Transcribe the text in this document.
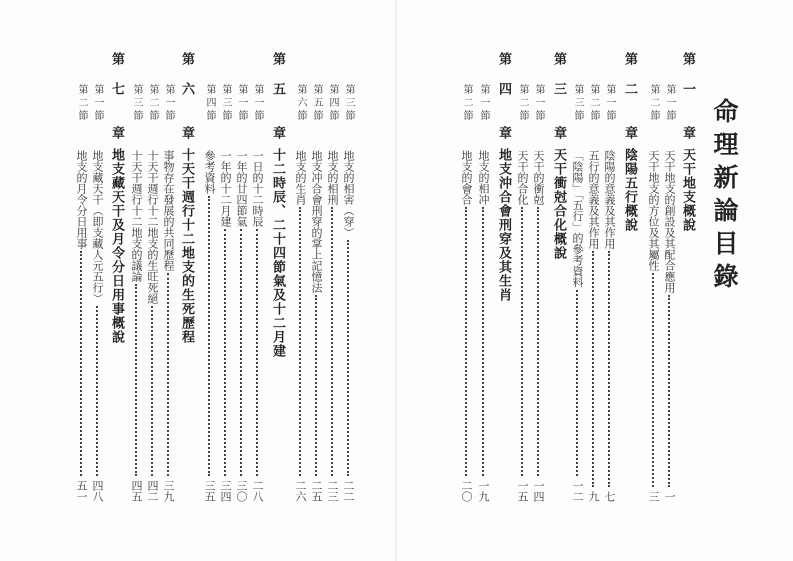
命理新論目錄
第
一 章
天干地支概說
第一節
天干地支的創設及其配合應用
一
第二節
天干地支的方位及其屬性
三
第
二 章
陰陽五行概說
第一節
陰陽的意義及其作用
七
第二節
五行的意義及其作用
九
第三節
「陰陽」「五行」的參考資料
一二
第
三 章
天干衝尅合化概說
第一節
天干的衝尅
一四
第二節
天干的合化
一五
第
四 章
地支沖合會刑穿及其生肖
第一節
地支的相冲
一九
第二節
地支的會合
二〇
第三節
地支的相害（穿）
二二
第四節
地支的相刑
二三
第五節
地支冲合會刑穿的掌上記憶法
二五
第六節
地支的生肖
二六
第
五 章
十二時辰、二十四節氣及十二月建
第一節
一日的十二時辰
二八
第一節
一年的廿四節氣
三〇
第三節
一年的十二月建
三四
第四節
參考資料
三五
第
六 章
十天干週行十二地支的生死歷程
第一節
事物存在發展的共同歷程
三九
第二節
十天干週行十二地支的生旺死絕
四二
第三節
十天干週行十二地支的議論
四五
第
七 章
地支藏天干及月令分日用事概說
第一節
地支藏天干（即支藏人元五行）
四八
第二節
地支的月令分日用事
五一
